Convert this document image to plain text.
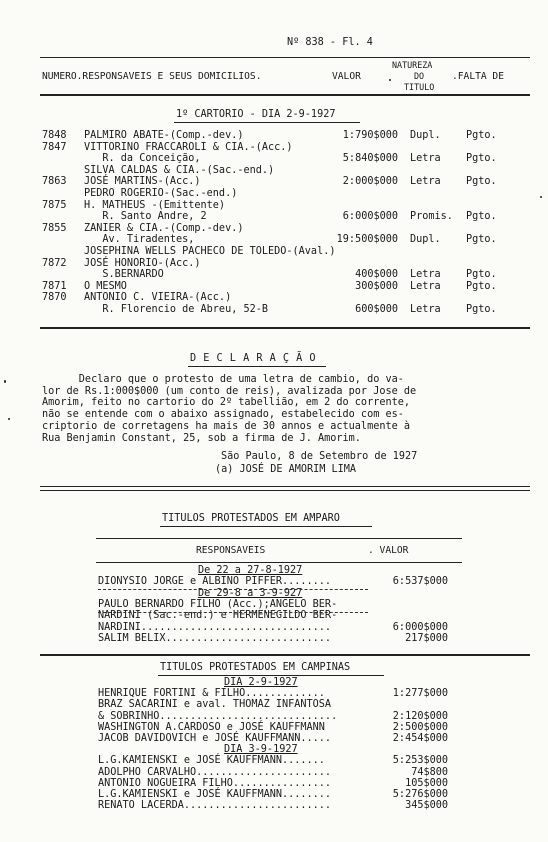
Nº 838 - Fl. 4
NUMERO.RESPONSAVEIS E SEUS DOMICILIOS.	VALOR
NATUREZA
DO
TITULO
.FALTA DE
1º CARTORIO - DIA 2-9-1927
7848 PALMIRO ABATE-(Comp.-dev.)	1:790$000 Dupl. Pgto.
7847 VITTORINO FRACCAROLI & CIA.-(Acc.)
R. da Conceição,	5:840$000 Letra Pgto.
SILVA CALDAS & CIA.-(Sac.-end.)
7863 JOSÉ MARTINS-(Acc.)	2:000$000 Letra Pgto.
PEDRO ROGERIO-(Sac.-end.)
7875 H. MATHEUS -(Emittente)
R. Santo Andre, 2	6:000$000 Promis. Pgto.
7855 ZANIER & CIA.-(Comp.-dev.)
Av. Tiradentes,	19:500$000 Dupl. Pgto.
JOSEPHINA WELLS PACHECO DE TOLEDO-(Aval.)
7872 JOSÉ HONORIO-(Acc.)
S.BERNARDO	400$000 Letra Pgto.
7871 O MESMO	300$000 Letra Pgto.
7870 ANTONIO C. VIEIRA-(Acc.)
R. Florencio de Abreu, 52-B	600$000 Letra Pgto.
D E C L A R A Ç Ã O
Declaro que o protesto de uma letra de cambio, do va-
lor de Rs.1:000$000 (um conto de reis), avalizada por Jose de
Amorim, feito no cartorio do 2º tabellião, em 2 do corrente,
não se entende com o abaixo assignado, estabelecido com es-
criptorio de corretagens ha mais de 30 annos e actualmente à
Rua Benjamin Constant, 25, sob a firma de J. Amorim.
São Paulo, 8 de Setembro de 1927
(a) JOSÉ DE AMORIM LIMA
TITULOS PROTESTADOS EM AMPARO
RESPONSAVEIS	. VALOR
De 22 a 27-8-1927
DIONYSIO JORGE e ALBINO PIFFER........	6:537$000
De 29-8 a 3-9-927
PAULO BERNARDO FILHO (Acc.);ANGELO BER-
NARDINI (Sac.-end.) e HERMENEGILDO BER-
NARDINI...............................	6:000$000
SALIM BELIX...........................	217$000
TITULOS PROTESTADOS EM CAMPINAS
DIA 2-9-1927
HENRIQUE FORTINI & FILHO.............	1:277$000
BRAZ SACARINI e aval. THOMAZ INFANTOSA
& SOBRINHO.............................	2:120$000
WASHINGTON A.CARDOSO e JOSÉ KAUFFMANN	2:500$000
JACOB DAVIDOVICH e JOSÉ KAUFFMANN.....	2:454$000
DIA 3-9-1927
L.G.KAMIENSKI e JOSÉ KAUFFMANN.......	5:253$000
ADOLPHO CARVALHO......................	74$800
ANTONIO NOGUEIRA FILHO................	105$000
L.G.KAMIENSKI e JOSÉ KAUFFMANN........	5:276$000
RENATO LACERDA........................	345$000
